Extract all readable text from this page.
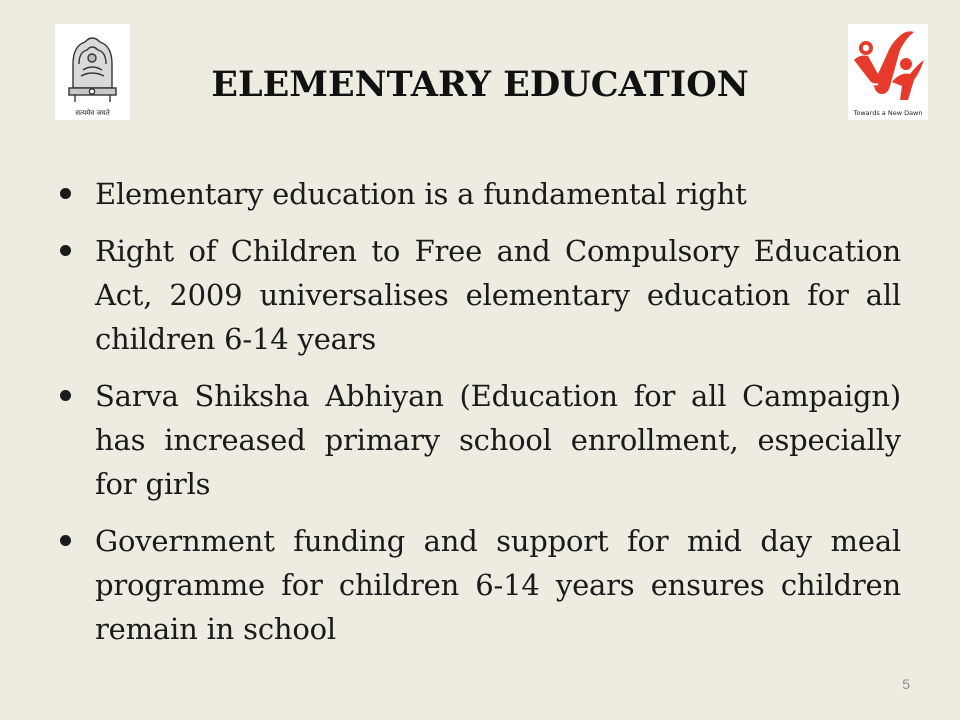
सत्यमेव जयते
ELEMENTARY EDUCATION
Towards a New Dawn
Elementary education is a fundamental right
Right of Children to Free and Compulsory Education Act, 2009 universalises elementary education for all children 6-14 years
Sarva Shiksha Abhiyan (Education for all Campaign) has increased primary school enrollment, especially for girls
Government funding and support for mid day meal programme for children 6-14 years ensures children remain in school
5
